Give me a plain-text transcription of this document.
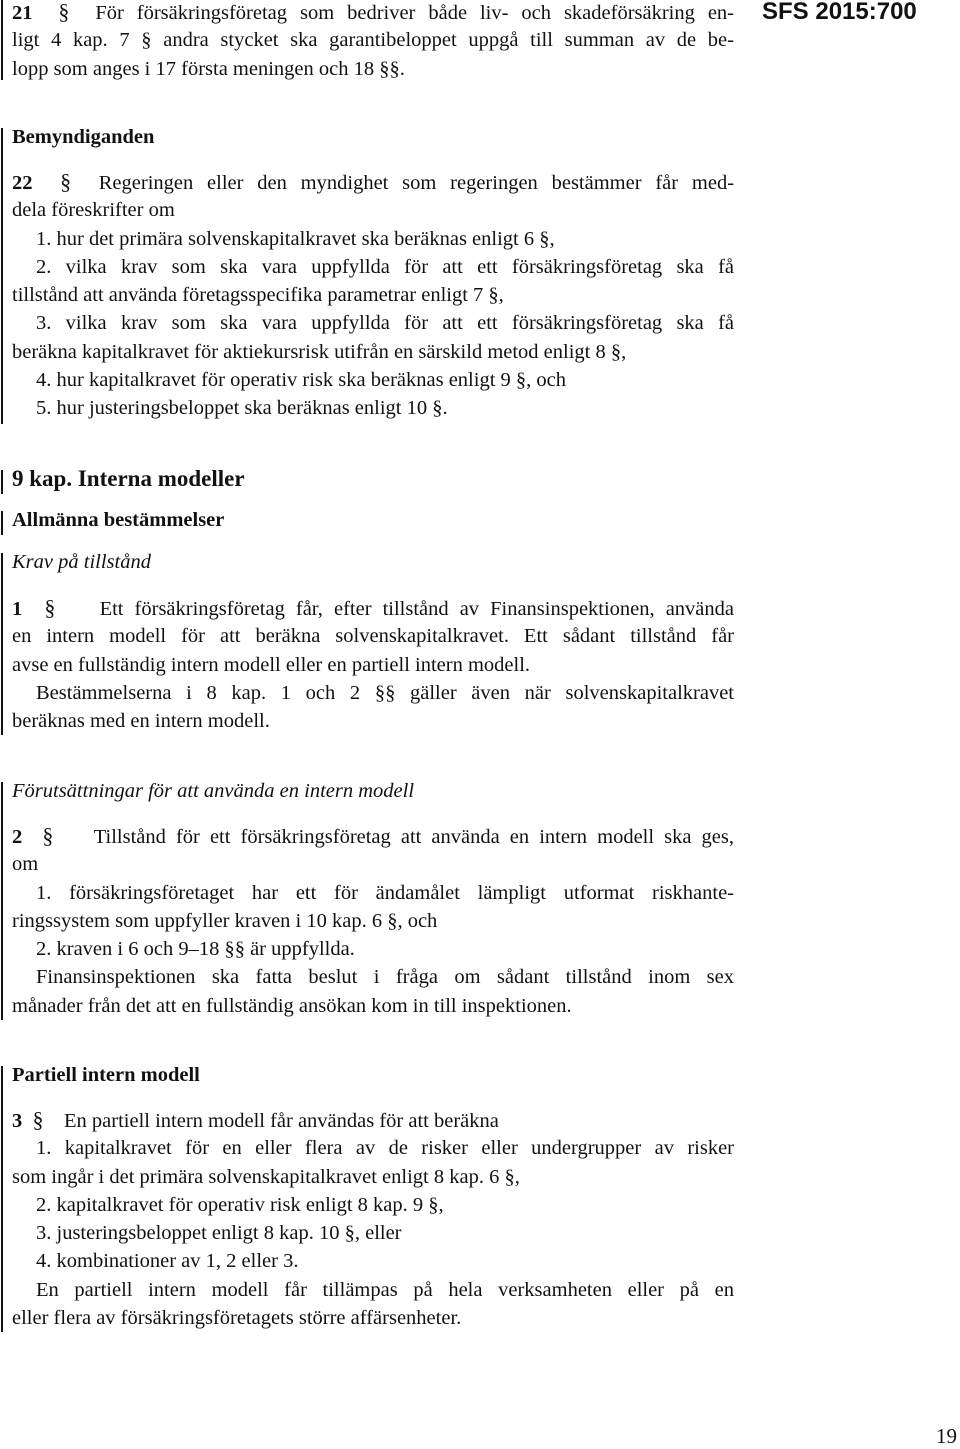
SFS 2015:700
21 § För försäkringsföretag som bedriver både liv- och skadeförsäkring en-
ligt 4 kap. 7 § andra stycket ska garantibeloppet uppgå till summan av de be-
lopp som anges i 17 första meningen och 18 §§.
Bemyndiganden
22 § Regeringen eller den myndighet som regeringen bestämmer får med-
dela föreskrifter om
1. hur det primära solvenskapitalkravet ska beräknas enligt 6 §,
2. vilka krav som ska vara uppfyllda för att ett försäkringsföretag ska få
tillstånd att använda företagsspecifika parametrar enligt 7 §,
3. vilka krav som ska vara uppfyllda för att ett försäkringsföretag ska få
beräkna kapitalkravet för aktiekursrisk utifrån en särskild metod enligt 8 §,
4. hur kapitalkravet för operativ risk ska beräknas enligt 9 §, och
5. hur justeringsbeloppet ska beräknas enligt 10 §.
9 kap. Interna modeller
Allmänna bestämmelser
Krav på tillstånd
1 § Ett försäkringsföretag får, efter tillstånd av Finansinspektionen, använda
en intern modell för att beräkna solvenskapitalkravet. Ett sådant tillstånd får
avse en fullständig intern modell eller en partiell intern modell.
Bestämmelserna i 8 kap. 1 och 2 §§ gäller även när solvenskapitalkravet
beräknas med en intern modell.
Förutsättningar för att använda en intern modell
2 § Tillstånd för ett försäkringsföretag att använda en intern modell ska ges,
om
1. försäkringsföretaget har ett för ändamålet lämpligt utformat riskhante-
ringssystem som uppfyller kraven i 10 kap. 6 §, och
2. kraven i 6 och 9–18 §§ är uppfyllda.
Finansinspektionen ska fatta beslut i fråga om sådant tillstånd inom sex
månader från det att en fullständig ansökan kom in till inspektionen.
Partiell intern modell
3 § En partiell intern modell får användas för att beräkna
1. kapitalkravet för en eller flera av de risker eller undergrupper av risker
som ingår i det primära solvenskapitalkravet enligt 8 kap. 6 §,
2. kapitalkravet för operativ risk enligt 8 kap. 9 §,
3. justeringsbeloppet enligt 8 kap. 10 §, eller
4. kombinationer av 1, 2 eller 3.
En partiell intern modell får tillämpas på hela verksamheten eller på en
eller flera av försäkringsföretagets större affärsenheter.
19
